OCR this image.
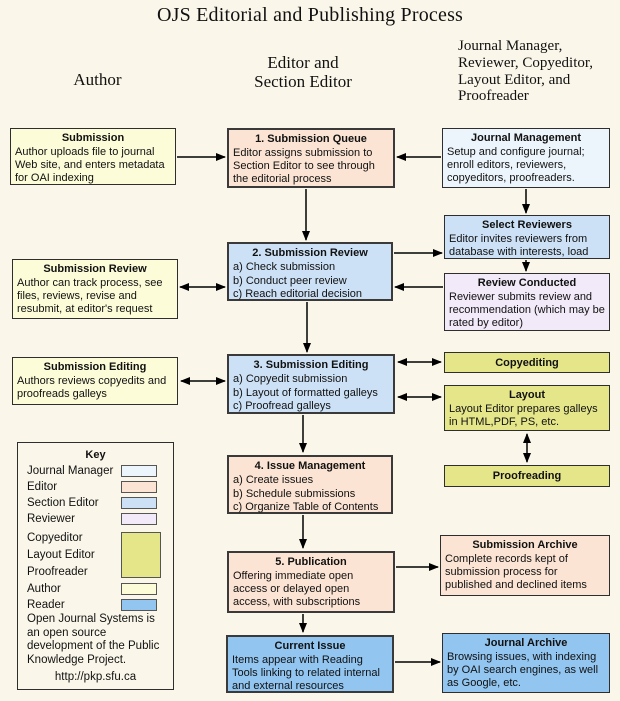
OJS Editorial and Publishing Process
Author
Editor and Section Editor
Journal Manager, Reviewer, Copyeditor, Layout Editor, and Proofreader
Submission
Author uploads file to journal Web site, and enters metadata for OAI indexing
Submission Review
Author can track process, see files, reviews, revise and resubmit, at editor's request
Submission Editing
Authors reviews copyedits and proofreads galleys
Key
Journal Manager
Editor
Section Editor
Reviewer
Copyeditor
Layout Editor
Proofreader
Author
Reader
Open Journal Systems is an open source development of the Public Knowledge Project.
http://pkp.sfu.ca
1. Submission Queue
Editor assigns submission to Section Editor to see through the editorial process
2. Submission Review
a) Check submission
b) Conduct peer review
c) Reach editorial decision
3. Submission Editing
a) Copyedit submission
b) Layout of formatted galleys
c) Proofread galleys
4. Issue Management
a) Create issues
b) Schedule submissions
c) Organize Table of Contents
5. Publication
Offering immediate open access or delayed open access, with subscriptions
Current Issue
Items appear with Reading Tools linking to related internal and external resources
Journal Management
Setup and configure journal; enroll editors, reviewers, copyeditors, proofreaders.
Select Reviewers
Editor invites reviewers from database with interests, load
Review Conducted
Reviewer submits review and recommendation (which may be rated by editor)
Copyediting
Layout
Layout Editor prepares galleys in HTML,PDF, PS, etc.
Proofreading
Submission Archive
Complete records kept of submission process for published and declined items
Journal Archive
Browsing issues, with indexing by OAI search engines, as well as Google, etc.
